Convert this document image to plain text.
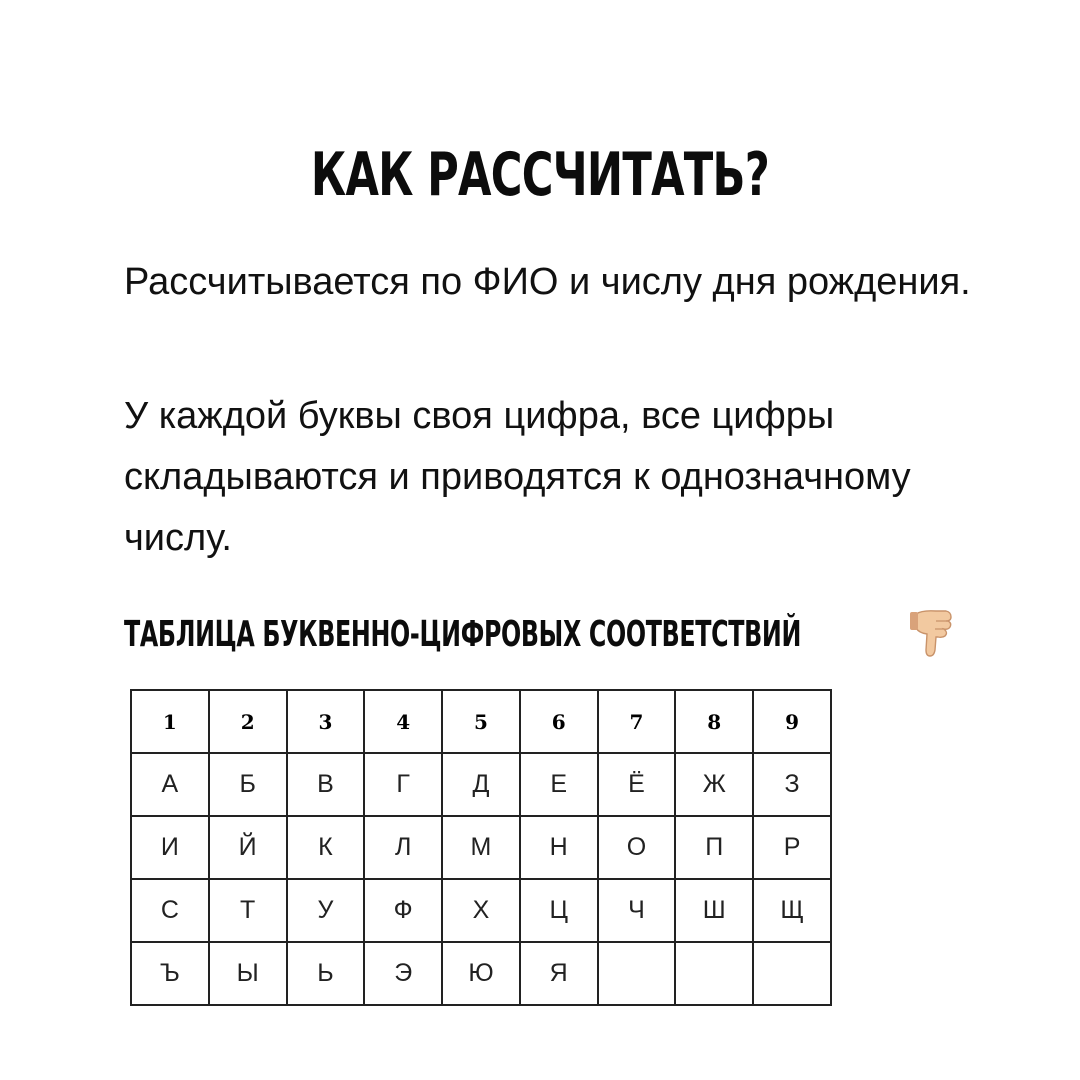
КАК РАССЧИТАТЬ?
Рассчитывается по ФИО и числу дня рождения.
У каждой буквы своя цифра, все цифры складываются и приводятся к однозначному числу.
ТАБЛИЦА БУКВЕННО-ЦИФРОВЫХ СООТВЕТСТВИЙ
1	2	3	4	5	6	7	8	9
А	Б	В	Г	Д	Е	Ё	Ж	З
И	Й	К	Л	М	Н	О	П	Р
С	Т	У	Ф	Х	Ц	Ч	Ш	Щ
Ъ	Ы	Ь	Э	Ю	Я			
